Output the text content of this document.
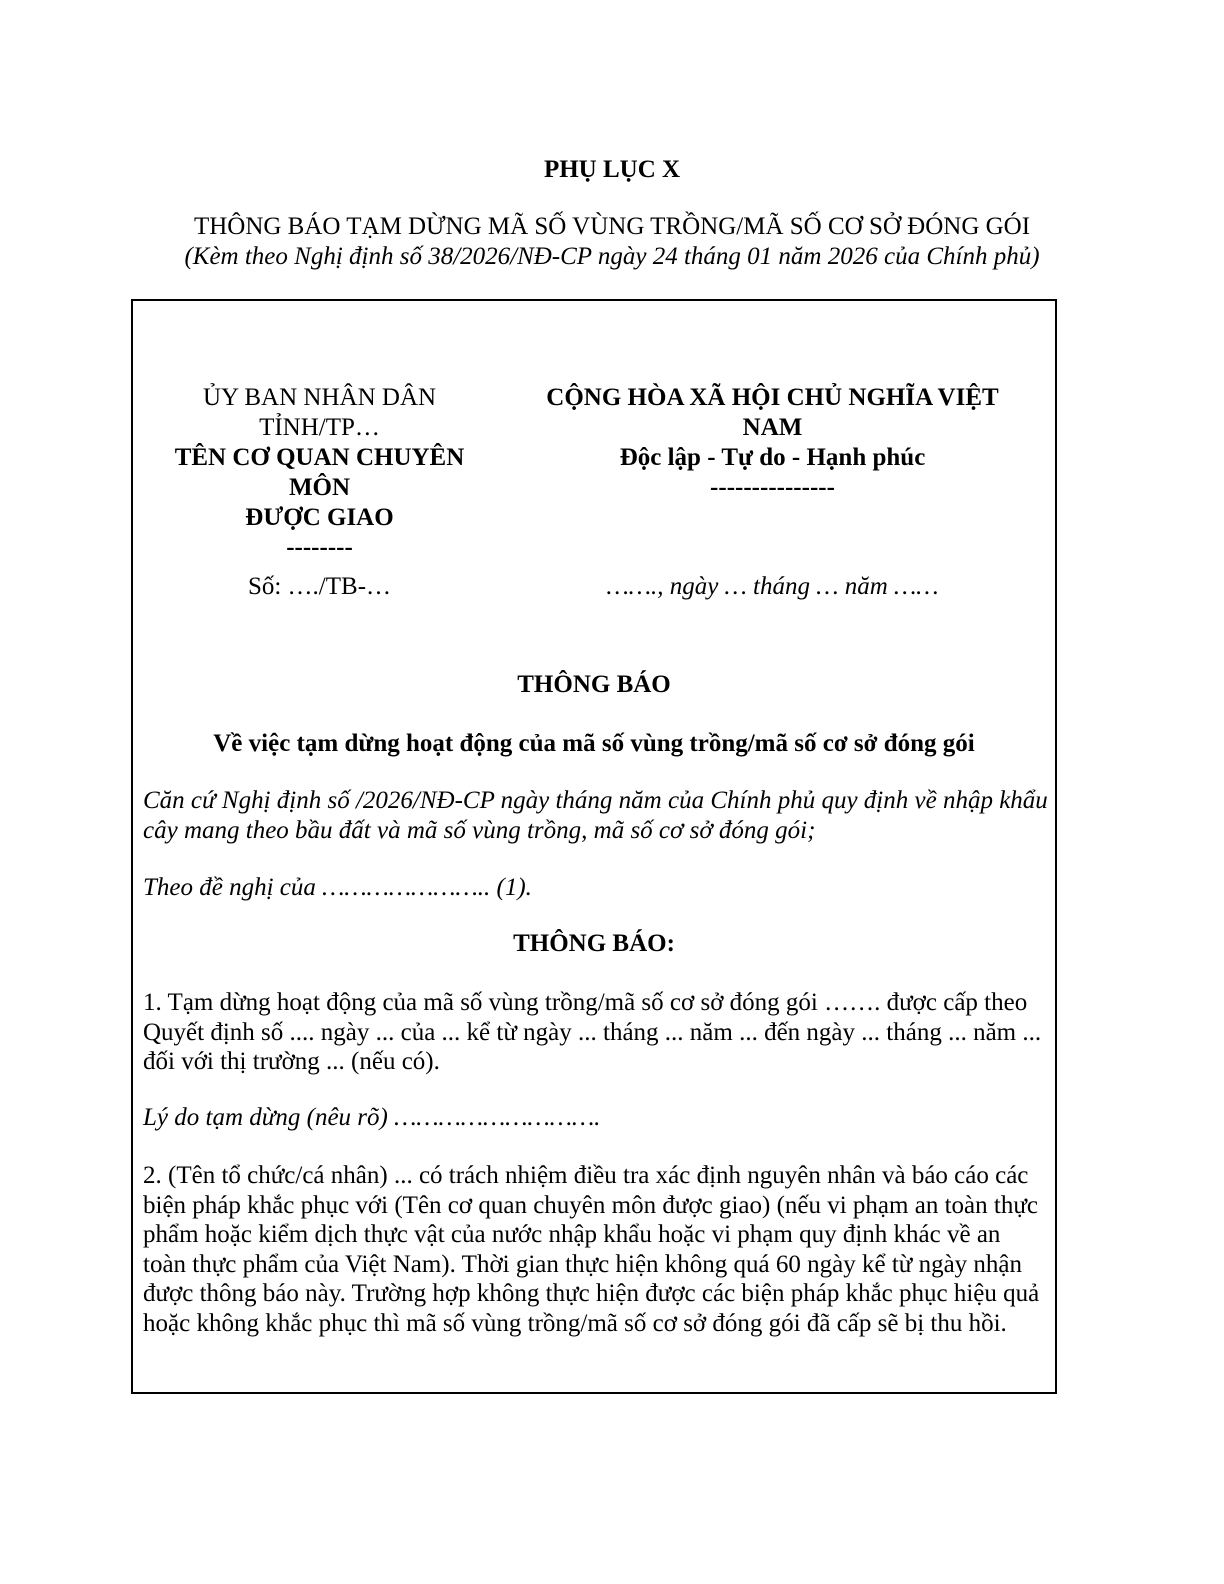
PHỤ LỤC X
THÔNG BÁO TẠM DỪNG MÃ SỐ VÙNG TRỒNG/MÃ SỐ CƠ SỞ ĐÓNG GÓI
(Kèm theo Nghị định số 38/2026/NĐ-CP ngày 24 tháng 01 năm 2026 của Chính phủ)
ỦY BAN NHÂN DÂN
TỈNH/TP…
TÊN CƠ QUAN CHUYÊN
MÔN
ĐƯỢC GIAO
--------
CỘNG HÒA XÃ HỘI CHỦ NGHĨA VIỆT
NAM
Độc lập - Tự do - Hạnh phúc
---------------
Số: …./TB-…	……., ngày … tháng … năm ……
THÔNG BÁO
Về việc tạm dừng hoạt động của mã số vùng trồng/mã số cơ sở đóng gói
Căn cứ Nghị định số /2026/NĐ-CP ngày tháng năm của Chính phủ quy định về nhập khẩu cây mang theo bầu đất và mã số vùng trồng, mã số cơ sở đóng gói;
Theo đề nghị của ………………….. (1).
THÔNG BÁO:
1. Tạm dừng hoạt động của mã số vùng trồng/mã số cơ sở đóng gói ……. được cấp theo Quyết định số .... ngày ... của ... kể từ ngày ... tháng ... năm ... đến ngày ... tháng ... năm ... đối với thị trường ... (nếu có).
Lý do tạm dừng (nêu rõ) ……………………….
2. (Tên tổ chức/cá nhân) ... có trách nhiệm điều tra xác định nguyên nhân và báo cáo các biện pháp khắc phục với (Tên cơ quan chuyên môn được giao) (nếu vi phạm an toàn thực phẩm hoặc kiểm dịch thực vật của nước nhập khẩu hoặc vi phạm quy định khác về an toàn thực phẩm của Việt Nam). Thời gian thực hiện không quá 60 ngày kể từ ngày nhận được thông báo này. Trường hợp không thực hiện được các biện pháp khắc phục hiệu quả hoặc không khắc phục thì mã số vùng trồng/mã số cơ sở đóng gói đã cấp sẽ bị thu hồi.
